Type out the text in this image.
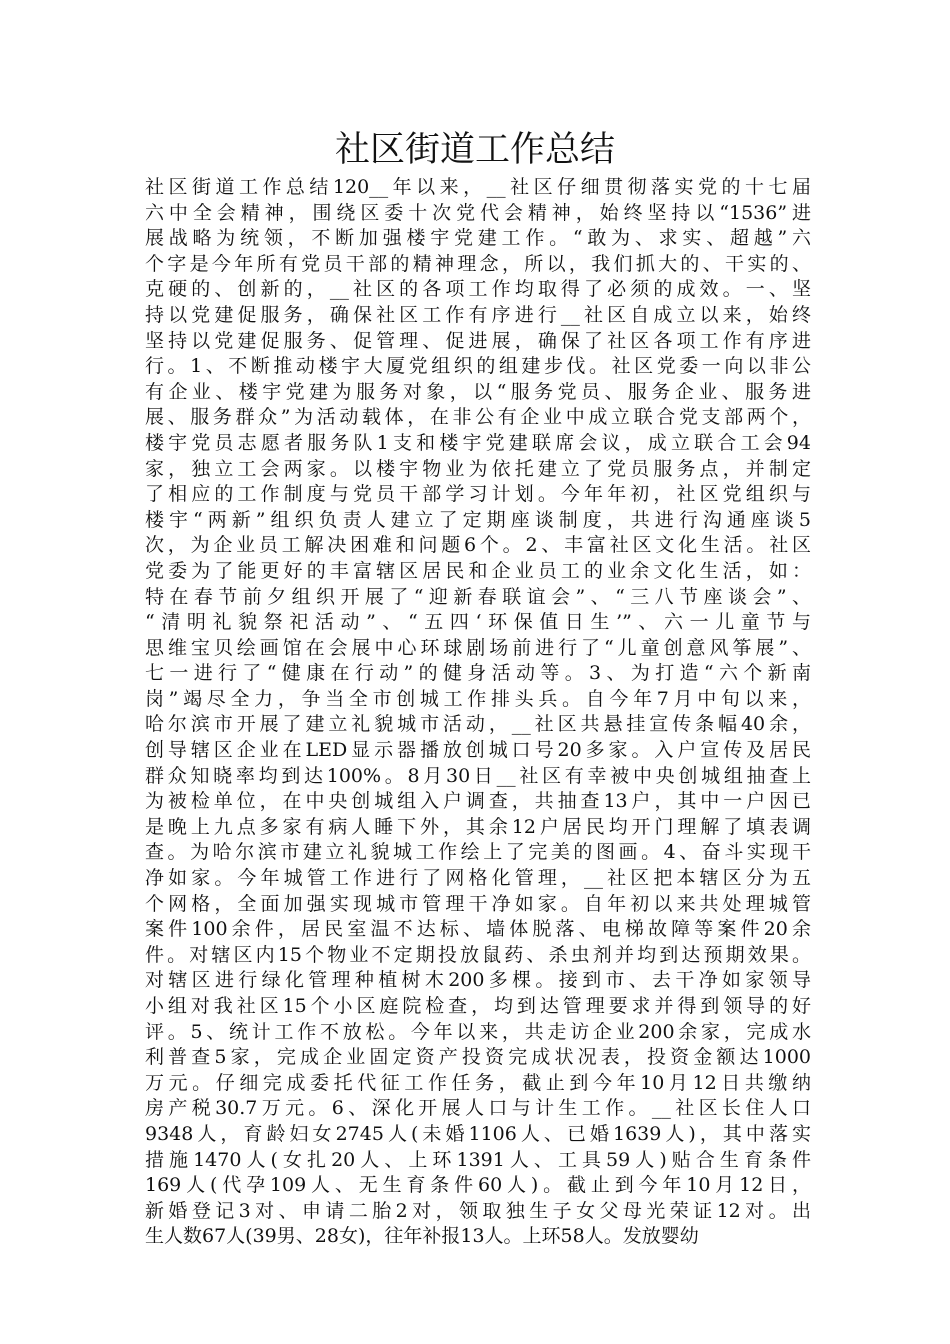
社区街道工作总结
社区街道工作总结120__年以来，__社区仔细贯彻落实党的十七届
六中全会精神，围绕区委十次党代会精神，始终坚持以“1536”进
展战略为统领，不断加强楼宇党建工作。“敢为、求实、超越”六
个字是今年所有党员干部的精神理念，所以，我们抓大的、干实的、
克硬的、创新的，__社区的各项工作均取得了必须的成效。一、坚
持以党建促服务，确保社区工作有序进行__社区自成立以来，始终
坚持以党建促服务、促管理、促进展，确保了社区各项工作有序进
行。1、不断推动楼宇大厦党组织的组建步伐。社区党委一向以非公
有企业、楼宇党建为服务对象，以“服务党员、服务企业、服务进
展、服务群众”为活动载体，在非公有企业中成立联合党支部两个，
楼宇党员志愿者服务队1支和楼宇党建联席会议，成立联合工会94
家，独立工会两家。以楼宇物业为依托建立了党员服务点，并制定
了相应的工作制度与党员干部学习计划。今年年初，社区党组织与
楼宇“两新”组织负责人建立了定期座谈制度，共进行沟通座谈5
次，为企业员工解决困难和问题6个。2、丰富社区文化生活。社区
党委为了能更好的丰富辖区居民和企业员工的业余文化生活，如：
特在春节前夕组织开展了“迎新春联谊会”、“三八节座谈会”、
“清明礼貌祭祀活动”、“五四‘环保值日生’”、六一儿童节与
思维宝贝绘画馆在会展中心环球剧场前进行了“儿童创意风筝展”、
七一进行了“健康在行动”的健身活动等。3、为打造“六个新南
岗”竭尽全力，争当全市创城工作排头兵。自今年7月中旬以来，
哈尔滨市开展了建立礼貌城市活动，__社区共悬挂宣传条幅40余，
创导辖区企业在LED显示器播放创城口号20多家。入户宣传及居民
群众知晓率均到达100%。8月30日__社区有幸被中央创城组抽查上
为被检单位，在中央创城组入户调查，共抽查13户，其中一户因已
是晚上九点多家有病人睡下外，其余12户居民均开门理解了填表调
查。为哈尔滨市建立礼貌城工作绘上了完美的图画。4、奋斗实现干
净如家。今年城管工作进行了网格化管理，__社区把本辖区分为五
个网格，全面加强实现城市管理干净如家。自年初以来共处理城管
案件100余件，居民室温不达标、墙体脱落、电梯故障等案件20余
件。对辖区内15个物业不定期投放鼠药、杀虫剂并均到达预期效果。
对辖区进行绿化管理种植树木200多棵。接到市、去干净如家领导
小组对我社区15个小区庭院检查，均到达管理要求并得到领导的好
评。5、统计工作不放松。今年以来，共走访企业200余家，完成水
利普查5家，完成企业固定资产投资完成状况表，投资金额达1000
万元。仔细完成委托代征工作任务，截止到今年10月12日共缴纳
房产税30.7万元。6、深化开展人口与计生工作。__社区长住人口
9348人，育龄妇女2745人(未婚1106人、已婚1639人)，其中落实
措施1470人(女扎20人、上环1391人、工具59人)贴合生育条件
169人(代孕109人、无生育条件60人)。截止到今年10月12日，
新婚登记3对、申请二胎2对，领取独生子女父母光荣证12对。出
生人数67人(39男、28女)，往年补报13人。上环58人。发放婴幼
